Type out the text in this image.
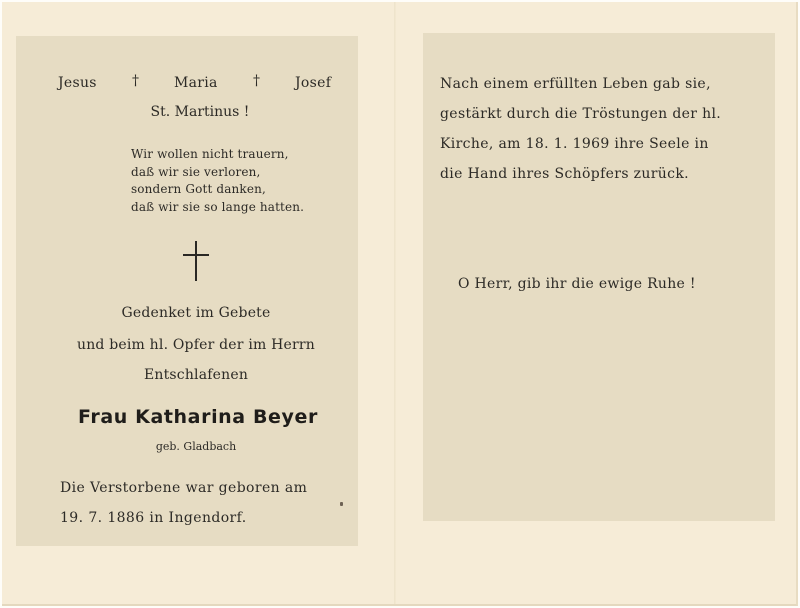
Jesus	†	Maria	†	Josef
St. Martinus !
Wir wollen nicht trauern,
daß wir sie verloren,
sondern Gott danken,
daß wir sie so lange hatten.
Gedenket im Gebete
und beim hl. Opfer der im Herrn
Entschlafenen
Frau Katharina Beyer
geb. Gladbach
Die Verstorbene war geboren am
19. 7. 1886 in Ingendorf.
Nach einem erfüllten Leben gab sie,
gestärkt durch die Tröstungen der hl.
Kirche, am 18. 1. 1969 ihre Seele in
die Hand ihres Schöpfers zurück.
O Herr, gib ihr die ewige Ruhe !
